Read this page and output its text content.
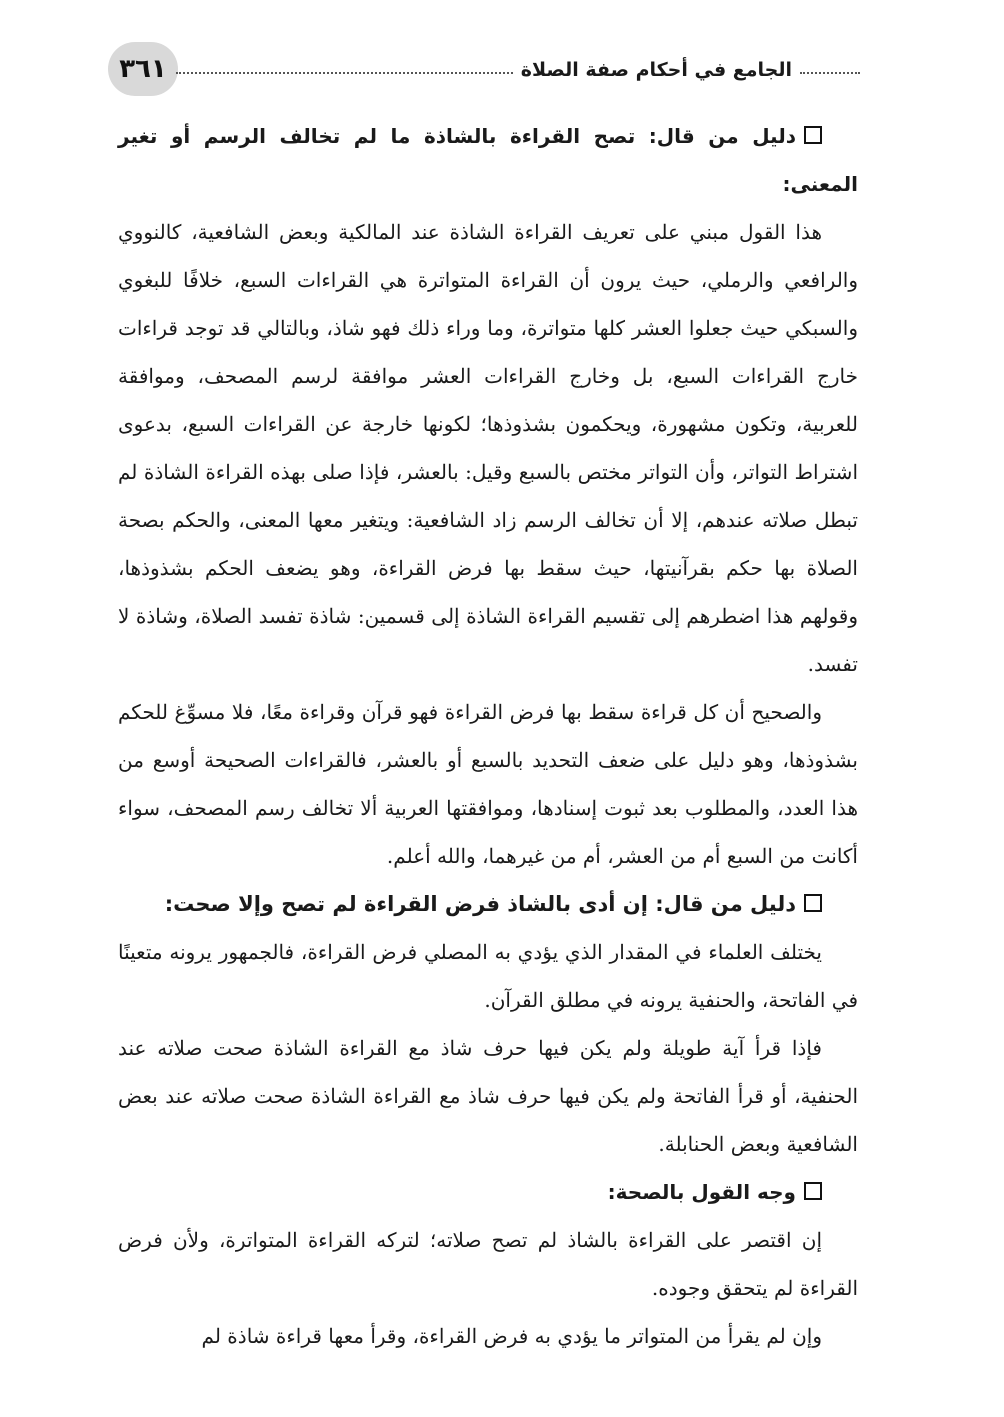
٣٦١	الجامع في أحكام صفة الصلاة

دليل من قال: تصح القراءة بالشاذة ما لم تخالف الرسم أو تغير المعنى:

هذا القول مبني على تعريف القراءة الشاذة عند المالكية وبعض الشافعية، كالنووي والرافعي والرملي، حيث يرون أن القراءة المتواترة هي القراءات السبع، خلافًا للبغوي والسبكي حيث جعلوا العشر كلها متواترة، وما وراء ذلك فهو شاذ، وبالتالي قد توجد قراءات خارج القراءات السبع، بل وخارج القراءات العشر موافقة لرسم المصحف، وموافقة للعربية، وتكون مشهورة، ويحكمون بشذوذها؛ لكونها خارجة عن القراءات السبع، بدعوى اشتراط التواتر، وأن التواتر مختص بالسبع وقيل: بالعشر، فإذا صلى بهذه القراءة الشاذة لم تبطل صلاته عندهم، إلا أن تخالف الرسم زاد الشافعية: ويتغير معها المعنى، والحكم بصحة الصلاة بها حكم بقرآنيتها، حيث سقط بها فرض القراءة، وهو يضعف الحكم بشذوذها، وقولهم هذا اضطرهم إلى تقسيم القراءة الشاذة إلى قسمين: شاذة تفسد الصلاة، وشاذة لا تفسد.

والصحيح أن كل قراءة سقط بها فرض القراءة فهو قرآن وقراءة معًا، فلا مسوِّغ للحكم بشذوذها، وهو دليل على ضعف التحديد بالسبع أو بالعشر، فالقراءات الصحيحة أوسع من هذا العدد، والمطلوب بعد ثبوت إسنادها، وموافقتها العربية ألا تخالف رسم المصحف، سواء أكانت من السبع أم من العشر، أم من غيرهما، والله أعلم.

دليل من قال: إن أدى بالشاذ فرض القراءة لم تصح وإلا صحت:

يختلف العلماء في المقدار الذي يؤدي به المصلي فرض القراءة، فالجمهور يرونه متعينًا في الفاتحة، والحنفية يرونه في مطلق القرآن.

فإذا قرأ آية طويلة ولم يكن فيها حرف شاذ مع القراءة الشاذة صحت صلاته عند الحنفية، أو قرأ الفاتحة ولم يكن فيها حرف شاذ مع القراءة الشاذة صحت صلاته عند بعض الشافعية وبعض الحنابلة.

وجه القول بالصحة:

إن اقتصر على القراءة بالشاذ لم تصح صلاته؛ لتركه القراءة المتواترة، ولأن فرض القراءة لم يتحقق وجوده.

وإن لم يقرأ من المتواتر ما يؤدي به فرض القراءة، وقرأ معها قراءة شاذة لم
